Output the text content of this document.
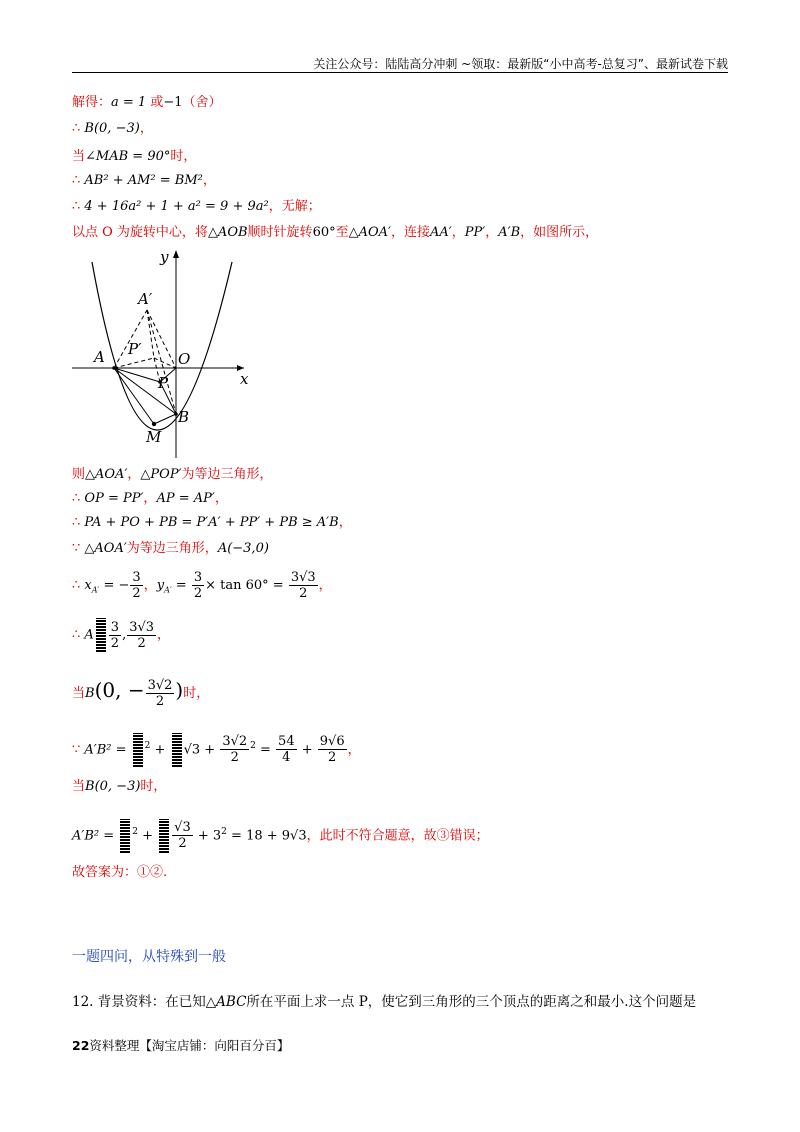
关注公众号：陆陆高分冲刺 ~领取：最新版“小中高考-总复习”、最新试卷下载
解得：a = 1 或−1（舍）
∴ B(0, −3)，
当∠MAB = 90°时，
∴ AB² + AM² = BM²，
∴ 4 + 16a² + 1 + a² = 9 + 9a²，无解；
以点 O 为旋转中心，将△AOB顺时针旋转60°至△AOA′，连接AA′，PP′，A′B，如图所示，
y
x
A′
P′
A	O
P
B
M
则△AOA′，△POP′为等边三角形，
∴ OP = PP′，AP = AP′，
∴ PA + PO + PB = P′A′ + PP′ + PB ≥ A′B，
∵ △AOA′为等边三角形，A(−3,0)
∴ $x_{A'}$ = − $\frac{3}{2}$ ，$y_{A'} = \frac{3}{2} \times \tan 60^\circ = \frac{3√3}{2}$ ，
∴ A $\frac{3}{2}$ , $\frac{3√3}{2}$ ，
当B(0, − $\frac{3√2}{2}$ )时，
∵ $A'B^2 = ^2 + √3 + \frac{3√2}{2} ^2 = \frac{54}{4} + \frac{9√6}{2}$ ，
当B(0, −3)时，
$A'B^2 = ^2 + \frac{√3}{2} + 3^2 = 18 + 9√3$，此时不符合题意，故③错误；
故答案为：①②.
一题四问，从特殊到一般
12. 背景资料：在已知△ABC所在平面上求一点 P，使它到三角形的三个顶点的距离之和最小.这个问题是
22资料整理【淘宝店铺：向阳百分百】
